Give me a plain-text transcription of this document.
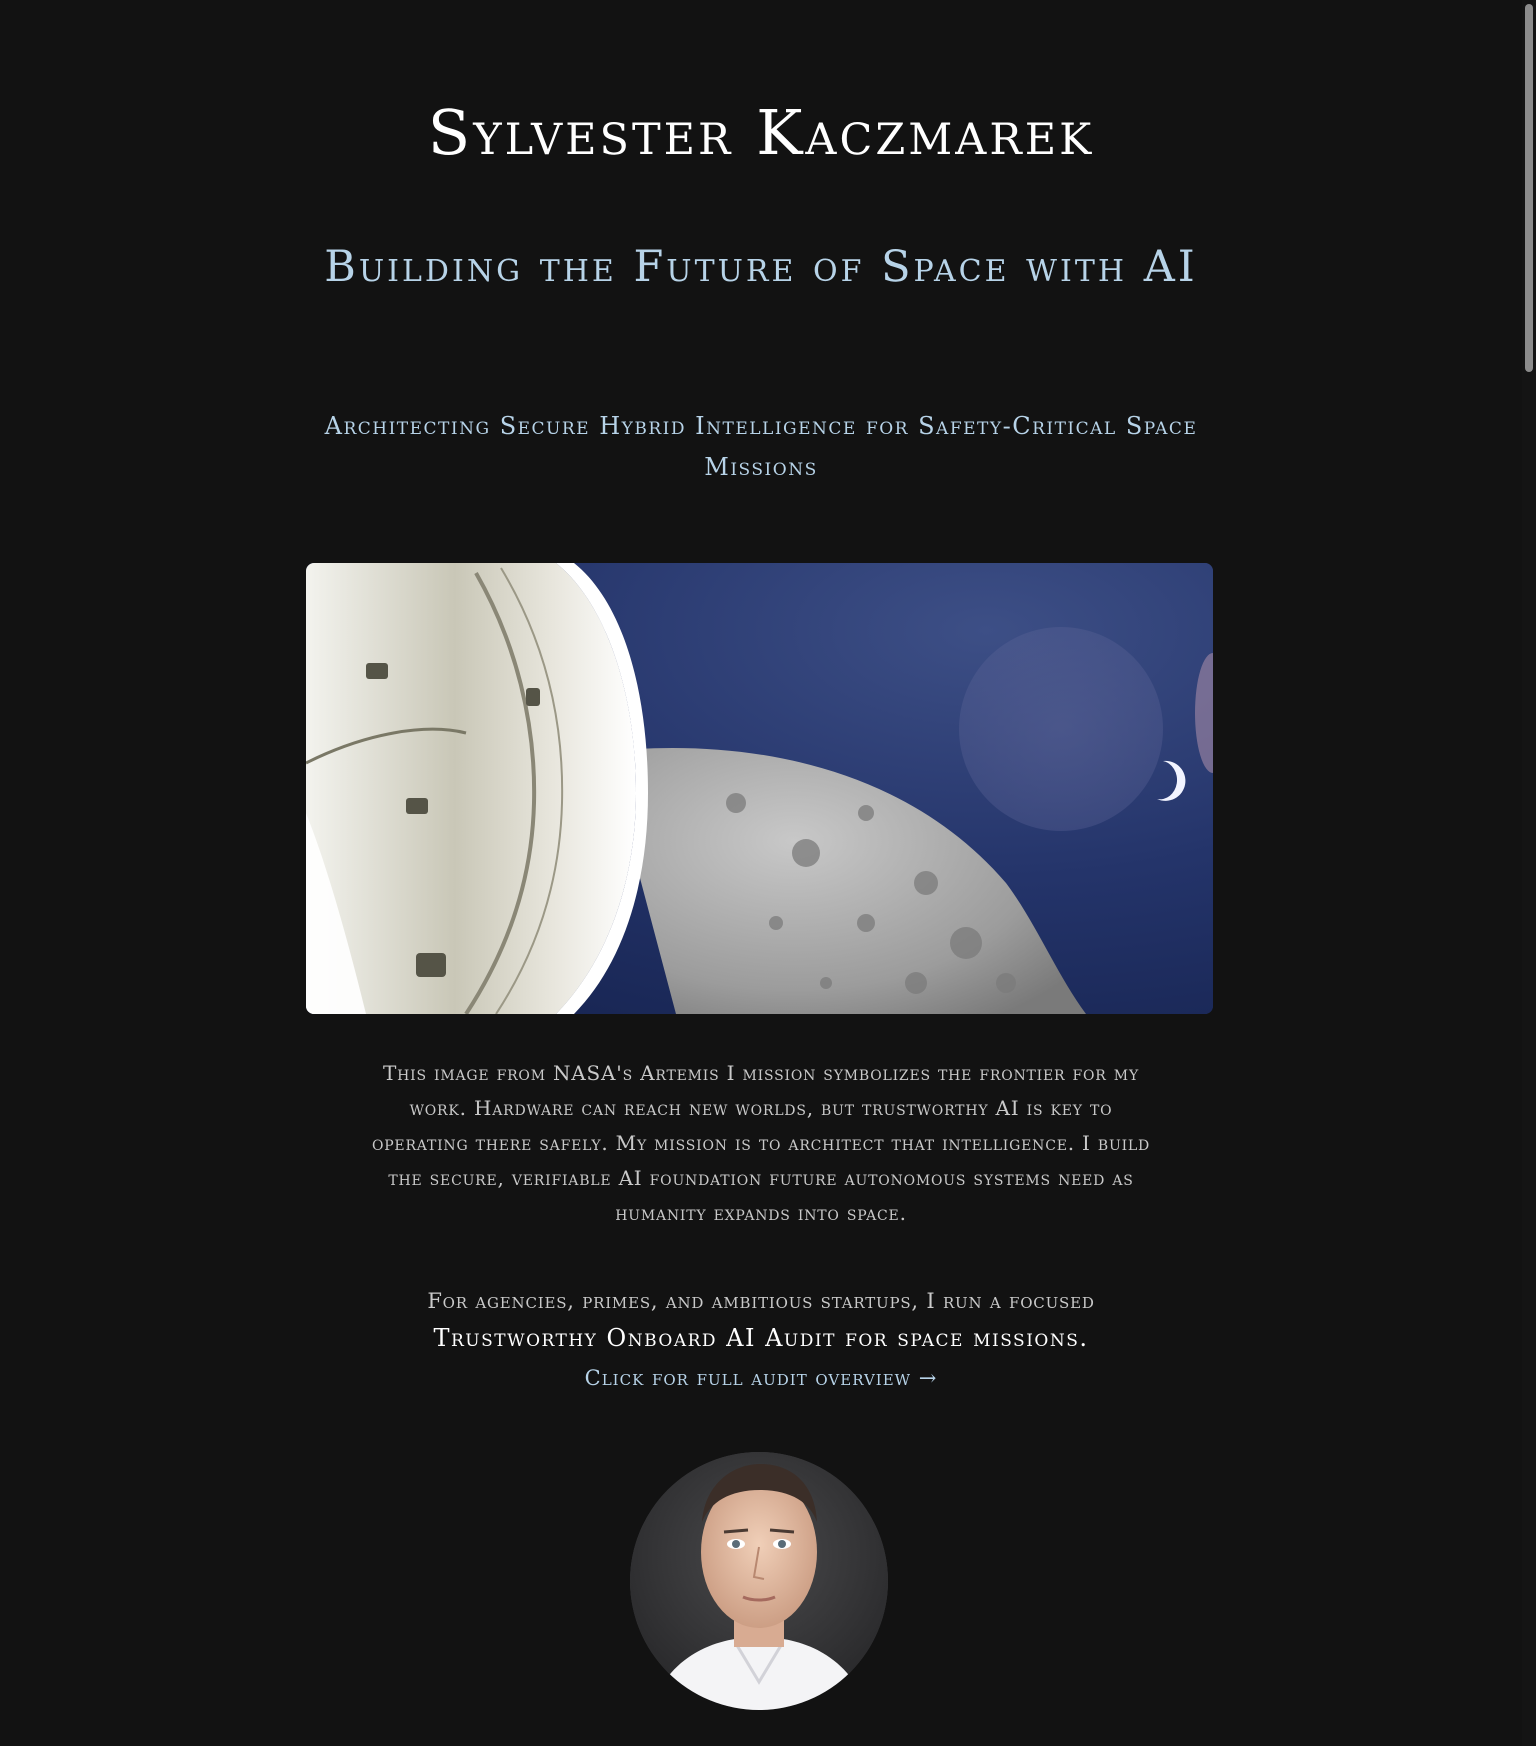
Sylvester Kaczmarek
Building the Future of Space with AI

Architecting Secure Hybrid Intelligence for Safety-Critical Space Missions

This image from NASA's Artemis I mission symbolizes the frontier for my work. Hardware can reach new worlds, but trustworthy AI is key to operating there safely. My mission is to architect that intelligence. I build the secure, verifiable AI foundation future autonomous systems need as humanity expands into space.

For agencies, primes, and ambitious startups, I run a focused

Trustworthy Onboard AI Audit for space missions.

Click for full audit overview →
